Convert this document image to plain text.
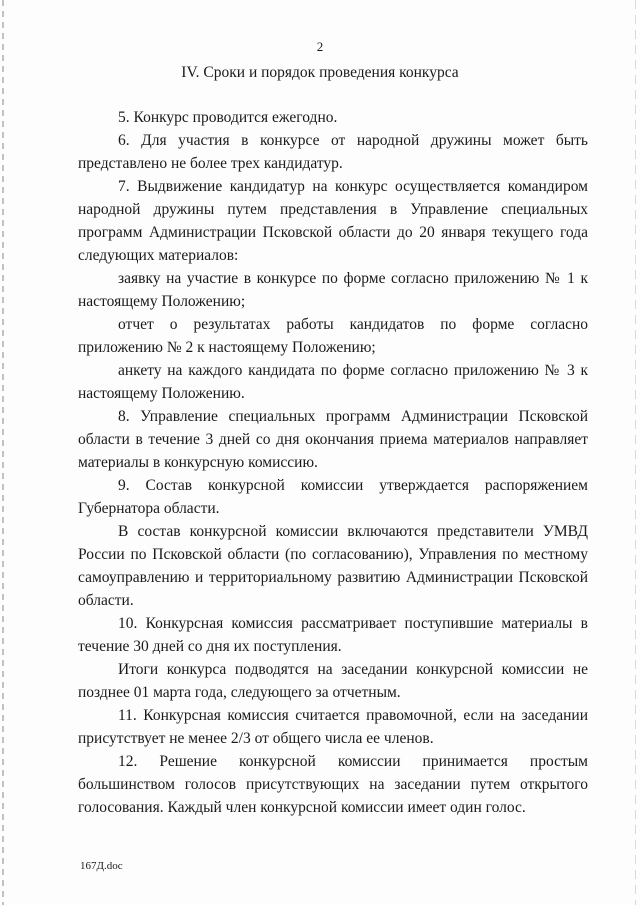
2
IV. Сроки и порядок проведения конкурса

5. Конкурс проводится ежегодно.

6. Для участия в конкурсе от народной дружины может быть представлено не более трех кандидатур.

7. Выдвижение кандидатур на конкурс осуществляется командиром народной дружины путем представления в Управление специальных программ Администрации Псковской области до 20 января текущего года следующих материалов:

заявку на участие в конкурсе по форме согласно приложению № 1 к настоящему Положению;

отчет о результатах работы кандидатов по форме согласно приложению № 2 к настоящему Положению;

анкету на каждого кандидата по форме согласно приложению № 3 к настоящему Положению.

8. Управление специальных программ Администрации Псковской области в течение 3 дней со дня окончания приема материалов направляет материалы в конкурсную комиссию.

9. Состав конкурсной комиссии утверждается распоряжением Губернатора области.

В состав конкурсной комиссии включаются представители УМВД России по Псковской области (по согласованию), Управления по местному самоуправлению и территориальному развитию Администрации Псковской области.

10. Конкурсная комиссия рассматривает поступившие материалы в течение 30 дней со дня их поступления.

Итоги конкурса подводятся на заседании конкурсной комиссии не позднее 01 марта года, следующего за отчетным.

11. Конкурсная комиссия считается правомочной, если на заседании присутствует не менее 2/3 от общего числа ее членов.

12. Решение конкурсной комиссии принимается простым большинством голосов присутствующих на заседании путем открытого голосования. Каждый член конкурсной комиссии имеет один голос.

167Д.doc
